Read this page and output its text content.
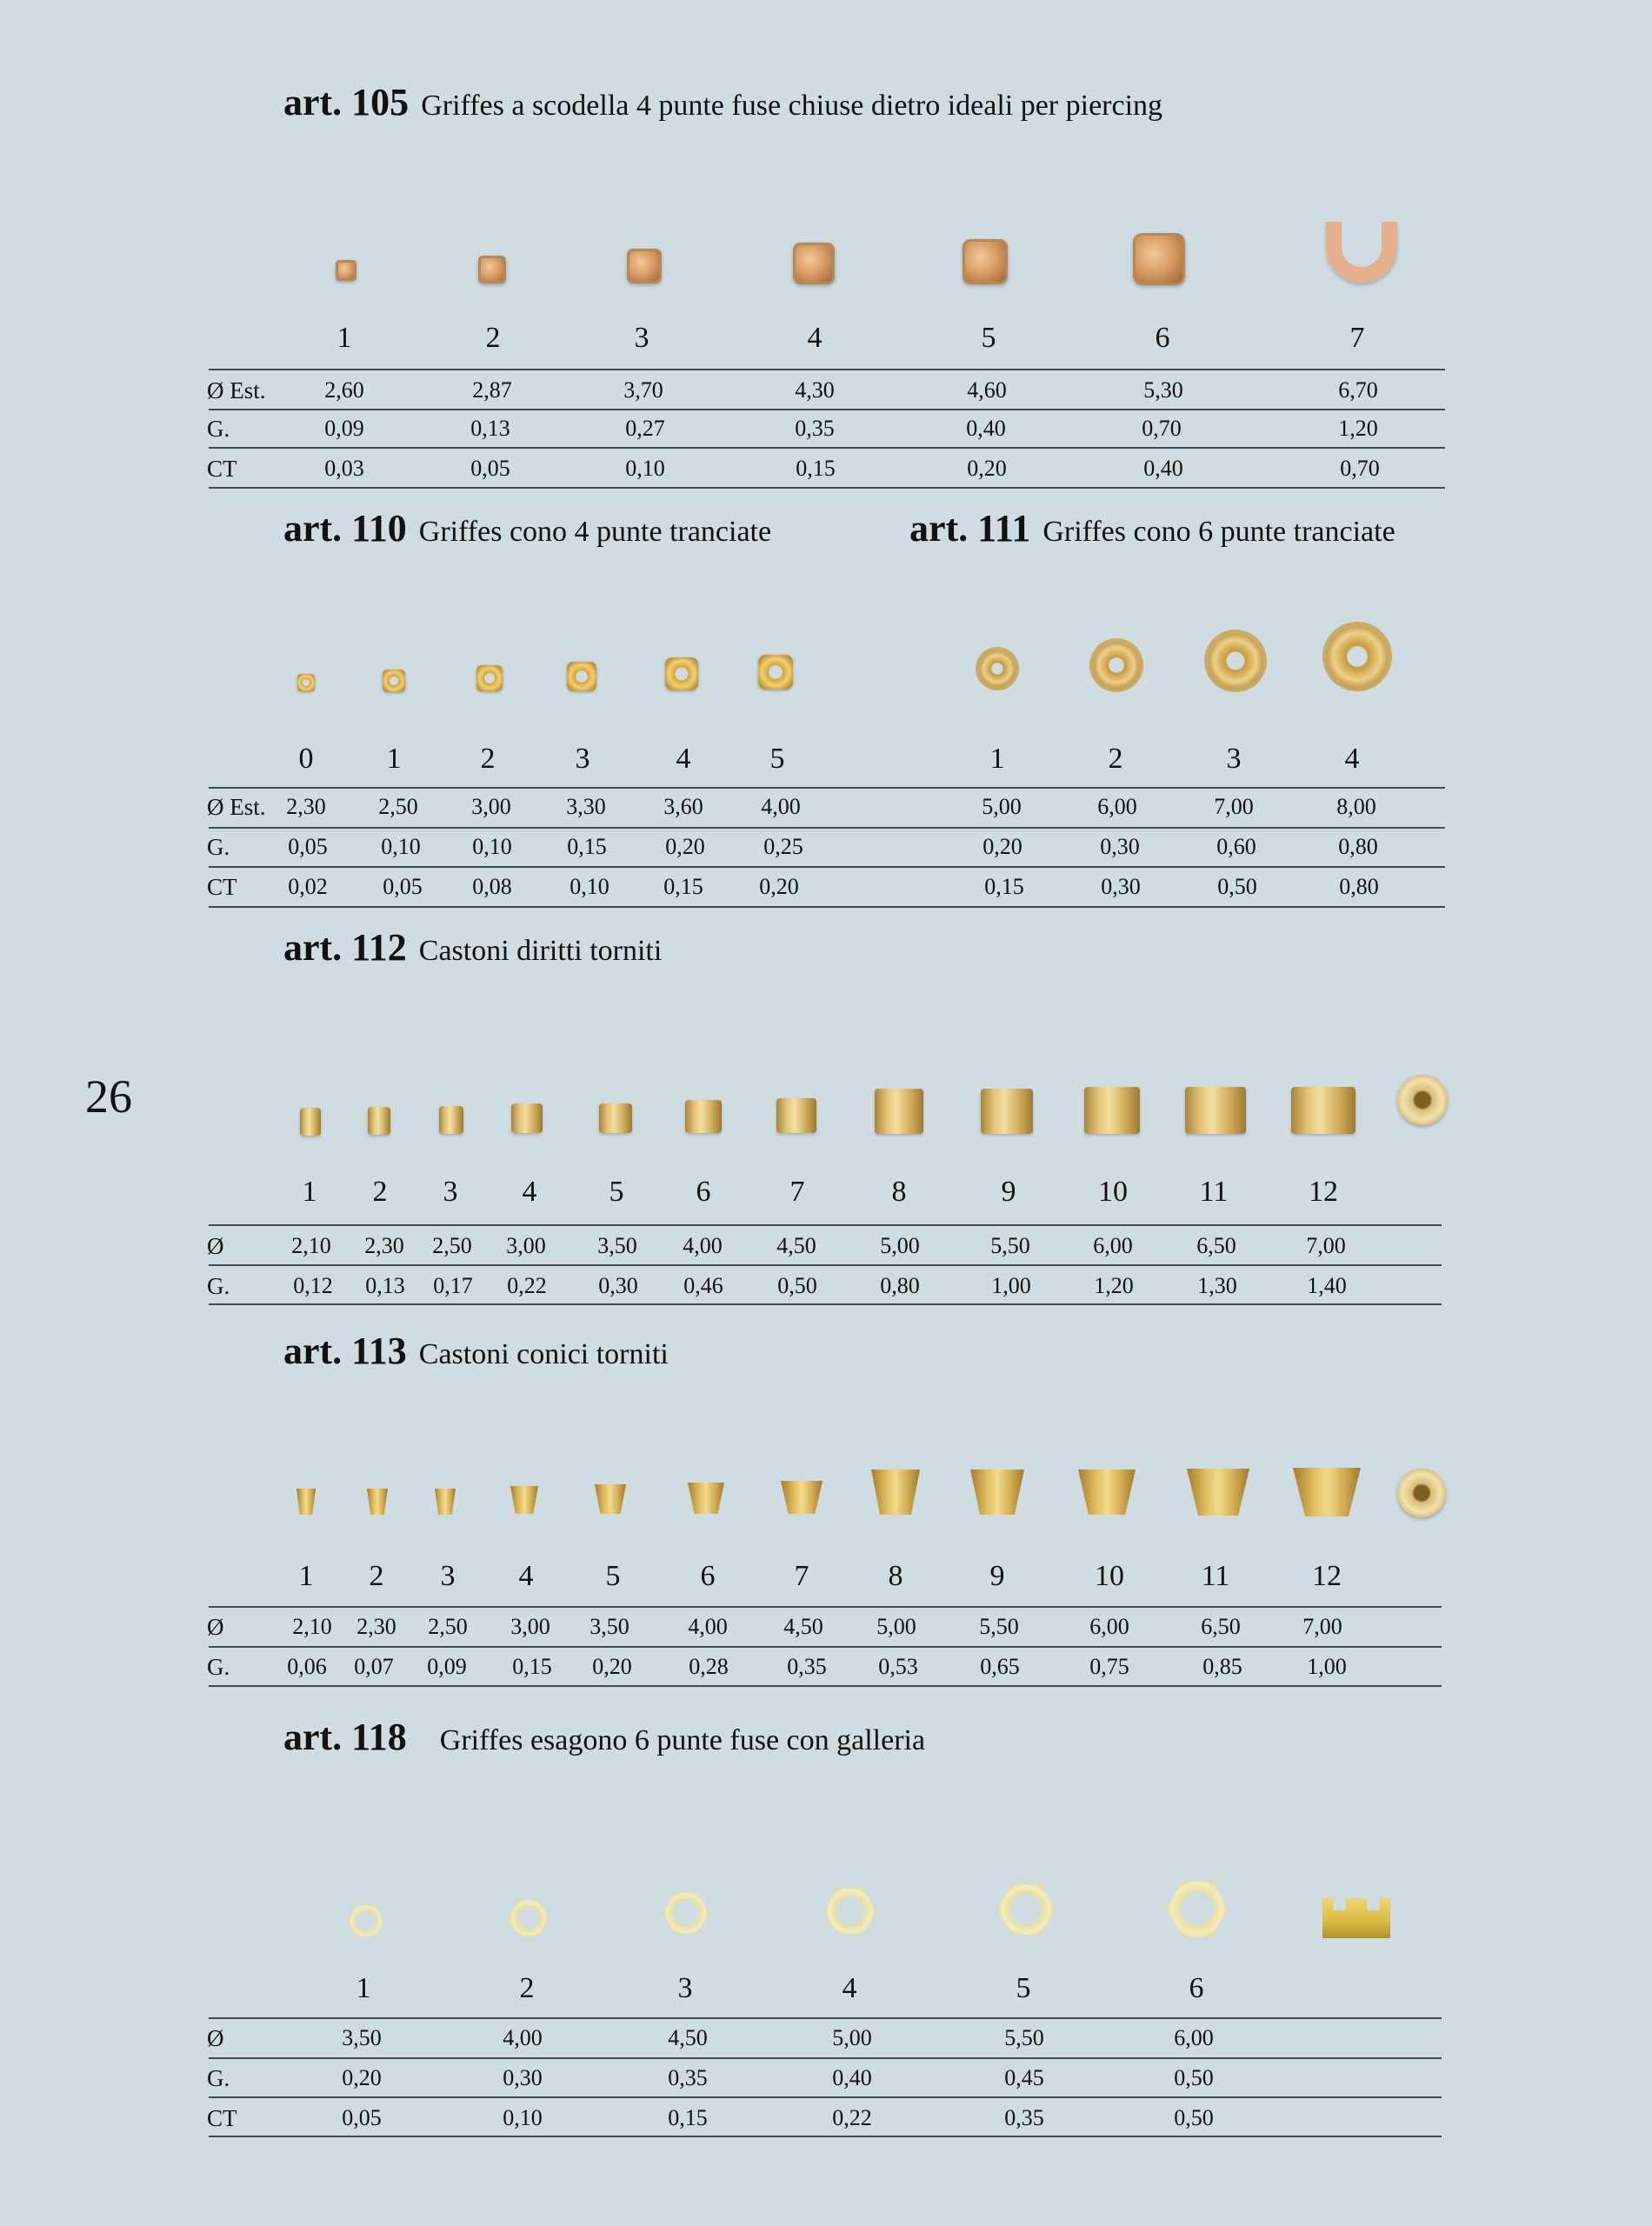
26
art. 105 Griffes a scodella 4 punte fuse chiuse dietro ideali per piercing
1	2	3	4	5	6	7
Ø Est.	2,60	2,87	3,70	4,30	4,60	5,30	6,70
G.	0,09	0,13	0,27	0,35	0,40	0,70	1,20
CT	0,03	0,05	0,10	0,15	0,20	0,40	0,70
art. 110 Griffes cono 4 punte tranciate	art. 111 Griffes cono 6 punte tranciate
0	1	2	3	4	5	1	2	3	4
Ø Est. 2,30	2,50	3,00	3,30	3,60	4,00	5,00	6,00	7,00	8,00
G.	0,05	0,10	0,10	0,15	0,20	0,25	0,20	0,30	0,60	0,80
CT	0,02	0,05	0,08	0,10	0,15	0,20	0,15	0,30	0,50	0,80
art. 112 Castoni diritti torniti
1	2	3	4	5	6	7	8	9	10	11	12
Ø	2,10	2,30	2,50	3,00	3,50	4,00	4,50	5,00	5,50	6,00	6,50	7,00
G.	0,12	0,13	0,17	0,22	0,30	0,46	0,50	0,80	1,00	1,20	1,30	1,40
art. 113 Castoni conici torniti
1	2	3	4	5	6	7	8	9	10	11	12
Ø	2,10	2,30	2,50	3,00	3,50	4,00	4,50	5,00	5,50	6,00	6,50	7,00
G.	0,06	0,07	0,09	0,15	0,20	0,28	0,35	0,53	0,65	0,75	0,85	1,00
art. 118 Griffes esagono 6 punte fuse con galleria
1	2	3	4	5	6
Ø	3,50	4,00	4,50	5,00	5,50	6,00
G.	0,20	0,30	0,35	0,40	0,45	0,50
CT	0,05	0,10	0,15	0,22	0,35	0,50
